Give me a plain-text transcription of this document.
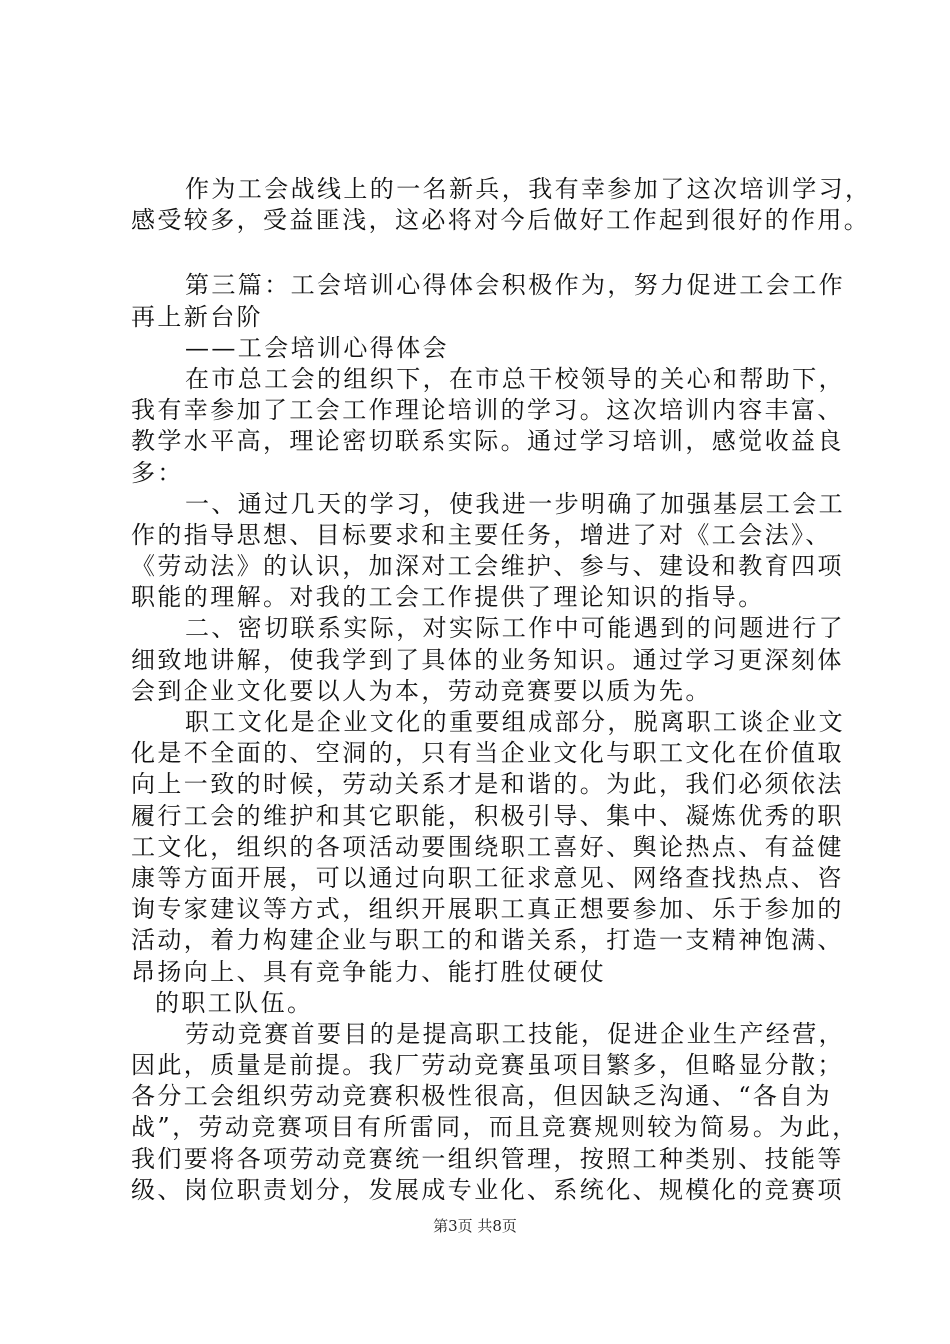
作为工会战线上的一名新兵，我有幸参加了这次培训学习，
感受较多，受益匪浅，这必将对今后做好工作起到很好的作用。
第三篇：工会培训心得体会积极作为，努力促进工会工作
再上新台阶
——工会培训心得体会
在市总工会的组织下，在市总干校领导的关心和帮助下，
我有幸参加了工会工作理论培训的学习。这次培训内容丰富、
教学水平高，理论密切联系实际。通过学习培训，感觉收益良
多：
一、通过几天的学习，使我进一步明确了加强基层工会工
作的指导思想、目标要求和主要任务，增进了对《工会法》、
《劳动法》的认识，加深对工会维护、参与、建设和教育四项
职能的理解。对我的工会工作提供了理论知识的指导。
二、密切联系实际，对实际工作中可能遇到的问题进行了
细致地讲解，使我学到了具体的业务知识。通过学习更深刻体
会到企业文化要以人为本，劳动竞赛要以质为先。
职工文化是企业文化的重要组成部分，脱离职工谈企业文
化是不全面的、空洞的，只有当企业文化与职工文化在价值取
向上一致的时候，劳动关系才是和谐的。为此，我们必须依法
履行工会的维护和其它职能，积极引导、集中、凝炼优秀的职
工文化，组织的各项活动要围绕职工喜好、舆论热点、有益健
康等方面开展，可以通过向职工征求意见、网络查找热点、咨
询专家建议等方式，组织开展职工真正想要参加、乐于参加的
活动，着力构建企业与职工的和谐关系，打造一支精神饱满、
昂扬向上、具有竞争能力、能打胜仗硬仗
的职工队伍。
劳动竞赛首要目的是提高职工技能，促进企业生产经营，
因此，质量是前提。我厂劳动竞赛虽项目繁多，但略显分散；
各分工会组织劳动竞赛积极性很高，但因缺乏沟通、“各自为
战”，劳动竞赛项目有所雷同，而且竞赛规则较为简易。为此，
我们要将各项劳动竞赛统一组织管理，按照工种类别、技能等
级、岗位职责划分，发展成专业化、系统化、规模化的竞赛项
第3页 共8页
